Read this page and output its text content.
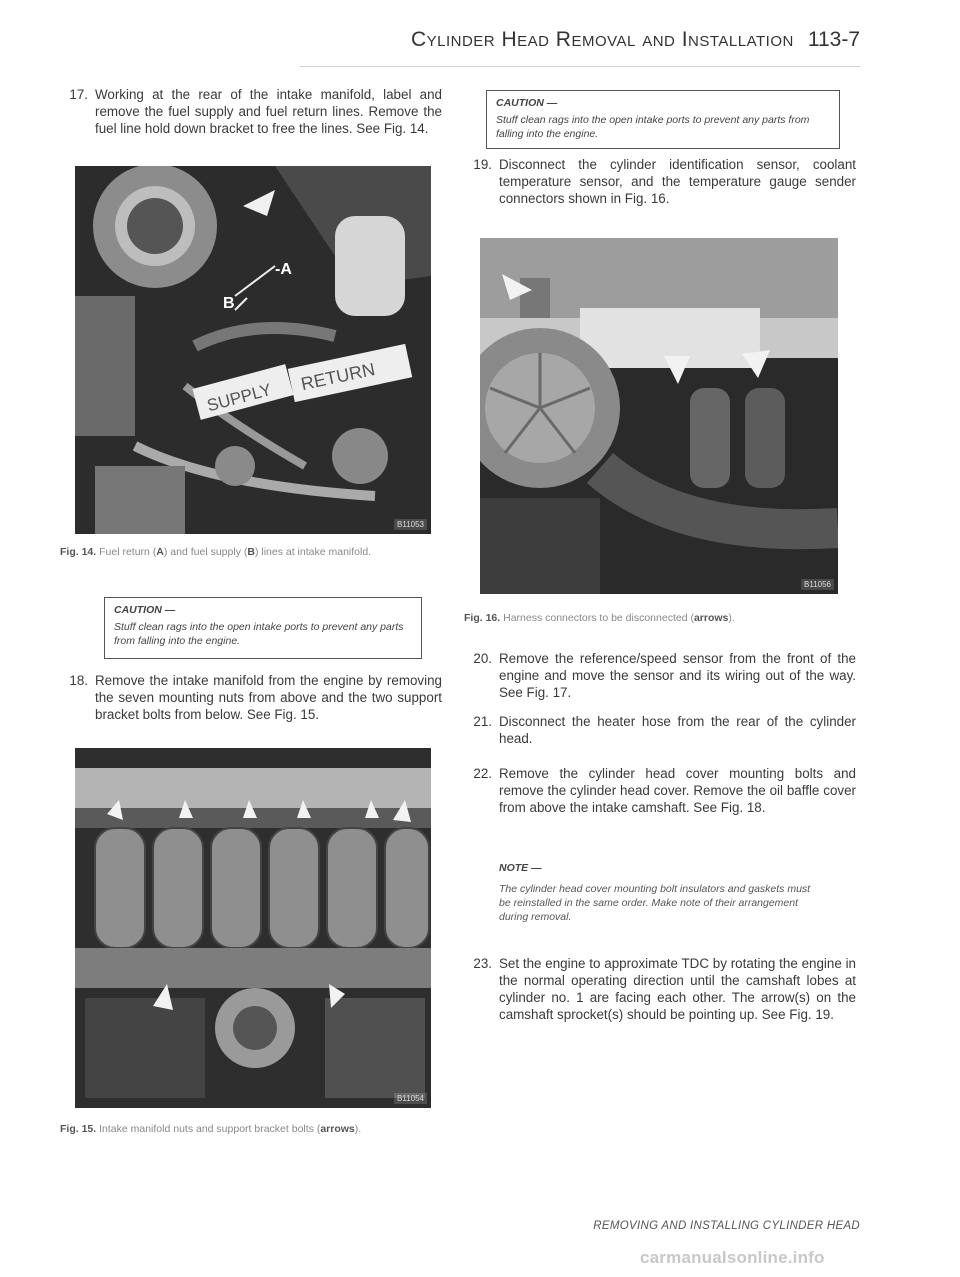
Cylinder Head Removal and Installation 113-7
17. Working at the rear of the intake manifold, label and remove the fuel supply and fuel return lines. Remove the fuel line hold down bracket to free the lines. See Fig. 14.
-A
B
SUPPLY
RETURN
B11053
Fig. 14. Fuel return (A) and fuel supply (B) lines at intake manifold.
CAUTION —
Stuff clean rags into the open intake ports to prevent any parts from falling into the engine.
18. Remove the intake manifold from the engine by removing the seven mounting nuts from above and the two support bracket bolts from below. See Fig. 15.
B11054
Fig. 15. Intake manifold nuts and support bracket bolts (arrows).
CAUTION —
Stuff clean rags into the open intake ports to prevent any parts from falling into the engine.
19. Disconnect the cylinder identification sensor, coolant temperature sensor, and the temperature gauge sender connectors shown in Fig. 16.
B11056
Fig. 16. Harness connectors to be disconnected (arrows).
20. Remove the reference/speed sensor from the front of the engine and move the sensor and its wiring out of the way. See Fig. 17.
21. Disconnect the heater hose from the rear of the cylinder head.
22. Remove the cylinder head cover mounting bolts and remove the cylinder head cover. Remove the oil baffle cover from above the intake camshaft. See Fig. 18.
NOTE —
The cylinder head cover mounting bolt insulators and gaskets must be reinstalled in the same order. Make note of their arrangement during removal.
23. Set the engine to approximate TDC by rotating the engine in the normal operating direction until the camshaft lobes at cylinder no. 1 are facing each other. The arrow(s) on the camshaft sprocket(s) should be pointing up. See Fig. 19.
REMOVING AND INSTALLING CYLINDER HEAD
carmanualsonline.info
